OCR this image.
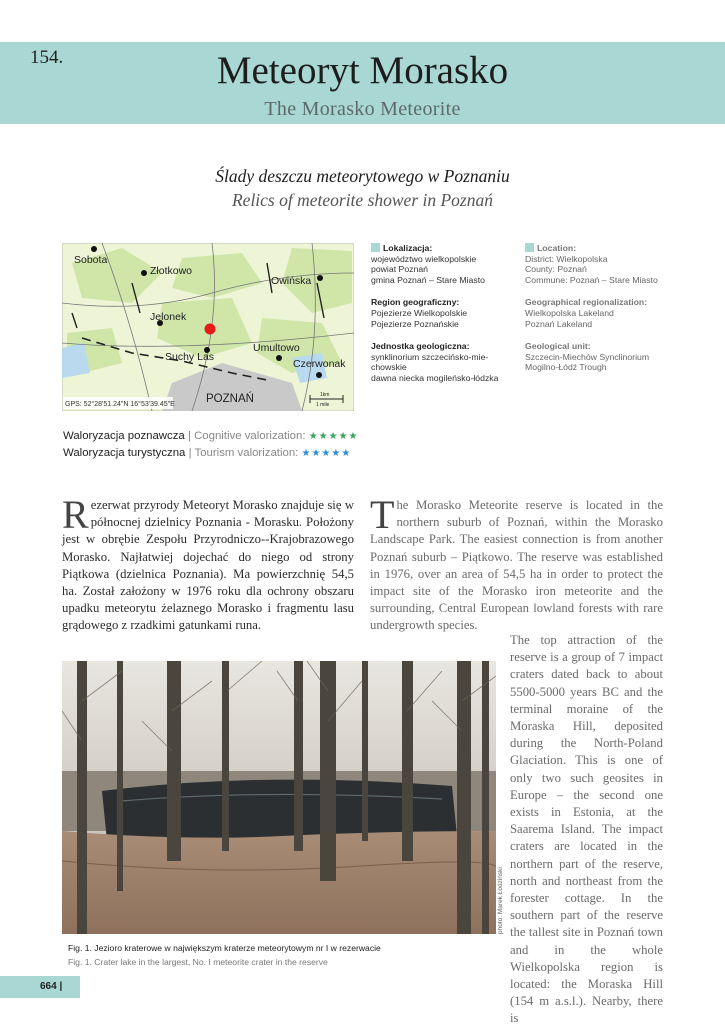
154.	Meteoryt Morasko
The Morasko Meteorite
Ślady deszczu meteorytowego w Poznaniu
Relics of meteorite shower in Poznań
Sobota
Złotkowo
Owińska
Jelonek
Umultowo
Suchy Las
Czerwonak
POZNAŃ
GPS: 52°28'51.24"N 16°53'39.45"E
1km
1 mile
Lokalizacja:
województwo wielkopolskie
powiat Poznań
gmina Poznań – Stare Miasto
Region geograficzny:
Pojezierze Wielkopolskie
Pojezierze Poznańskie
Jednostka geologiczna:
synklinorium szczecińsko-mie-
chowskie
dawna niecka mogileńsko-łódzka
Location:
District: Wielkopolska
County: Poznań
Commune: Poznań – Stare Miasto
Geographical regionalization:
Wielkopolska Lakeland
Poznań Lakeland
Geological unit:
Szczecin-Miechów Synclinorium
Mogilno-Łódź Trough
Waloryzacja poznawcza | Cognitive valorization: ★★★★★
Waloryzacja turystyczna | Tourism valorization: ★★★★★
Rezerwat przyrody Meteoryt Morasko znajduje się w północnej dzielnicy Poznania - Morasku. Położony jest w obrębie Zespołu Przyrodniczo--Krajobrazowego Morasko. Najłatwiej dojechać do niego od strony Piątkowa (dzielnica Poznania). Ma powierzchnię 54,5 ha. Został założony w 1976 roku dla ochrony obszaru upadku meteorytu żelaznego Morasko i fragmentu lasu grądowego z rzadkimi gatunkami runa.
The Morasko Meteorite reserve is located in the northern suburb of Poznań, within the Morasko Landscape Park. The easiest connection is from another Poznań suburb – Piątkowo. The reserve was established in 1976, over an area of 54,5 ha in order to protect the impact site of the Morasko iron meteorite and the surrounding, Central European lowland forests with rare undergrowth species.
The top attraction of the reserve is a group of 7 impact craters dated back to about 5500-5000 years BC and the terminal moraine of the Moraska Hill, deposited during the North-Poland Glaciation. This is one of only two such geosites in Europe – the second one exists in Estonia, at the Saarema Island. The impact craters are located in the northern part of the reserve, north and northeast from the forester cottage. In the southern part of the reserve the tallest site in Poznań town and in the whole Wielkopolska region is located: the Moraska Hill (154 m a.s.l.). Nearby, there is
photo: Marek Łodziński
Fig. 1. Jezioro kraterowe w największym kraterze meteorytowym nr I w rezerwacie
Fig. 1. Crater lake in the largest, No. I meteorite crater in the reserve
664 |
